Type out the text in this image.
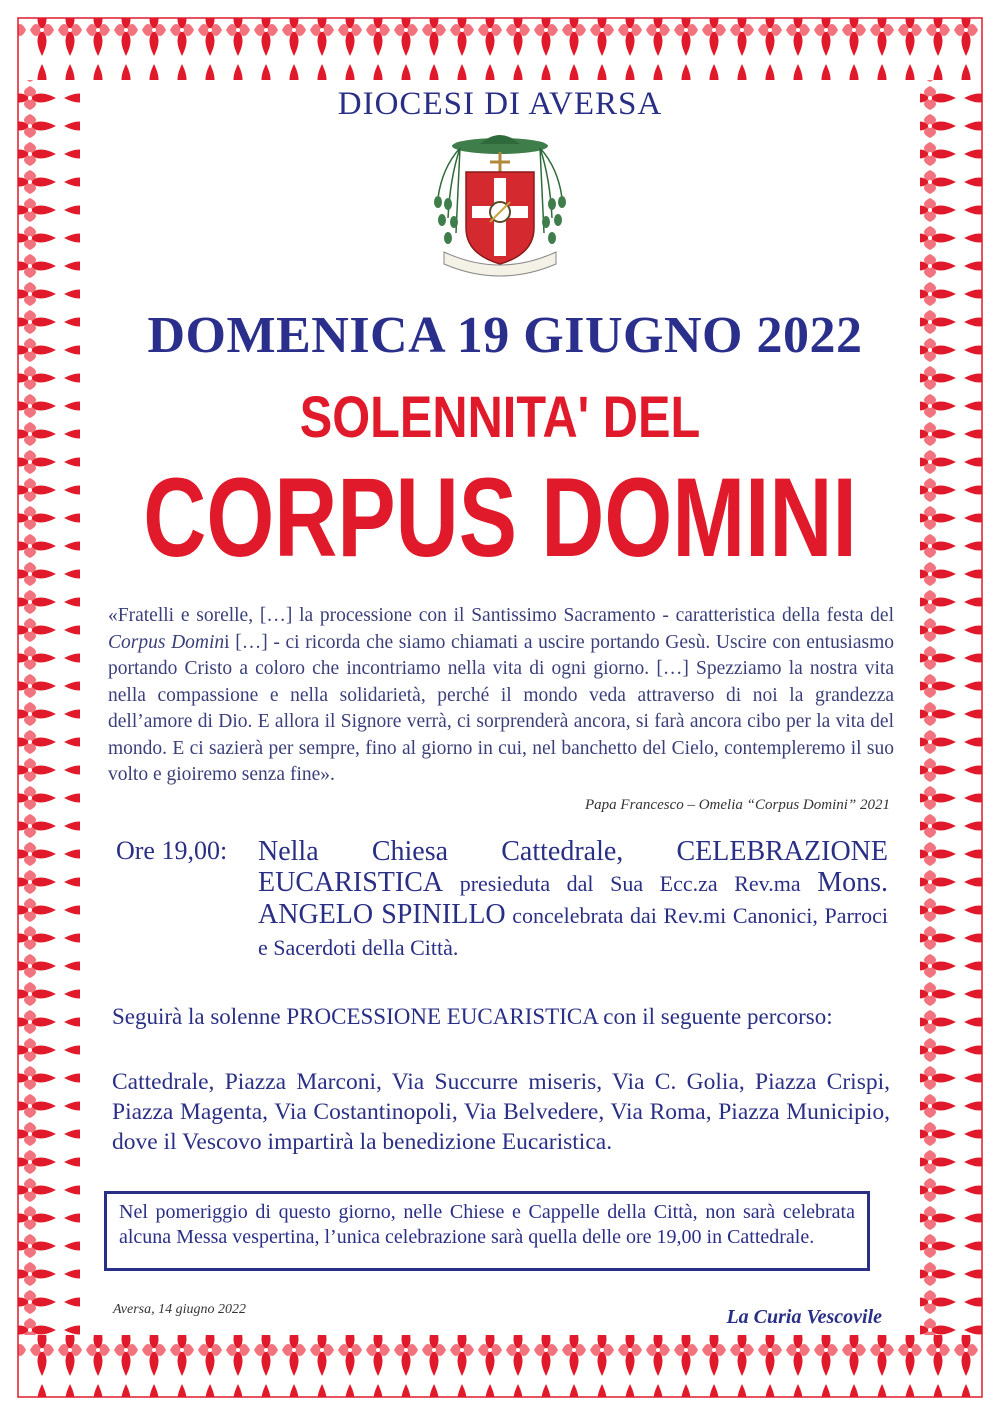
DIOCESI DI AVERSA
DOMENICA 19 GIUGNO 2022
SOLENNITA' DEL
CORPUS DOMINI
«Fratelli e sorelle, […] la processione con il Santissimo Sacramento - caratteristica della festa del Corpus Domini […] - ci ricorda che siamo chiamati a uscire portando Gesù. Uscire con entusiasmo portando Cristo a coloro che incontriamo nella vita di ogni giorno. […] Spezziamo la nostra vita nella compassione e nella solidarietà, perché il mondo veda attraverso di noi la grandezza dell’amore di Dio. E allora il Signore verrà, ci sorprenderà ancora, si farà ancora cibo per la vita del mondo. E ci sazierà per sempre, fino al giorno in cui, nel banchetto del Cielo, contempleremo il suo volto e gioiremo senza fine».
Papa Francesco – Omelia “Corpus Domini” 2021
Ore 19,00: Nella Chiesa Cattedrale, CELEBRAZIONE EUCARISTICA presieduta dal Sua Ecc.za Rev.ma Mons. ANGELO SPINILLO concelebrata dai Rev.mi Canonici, Parroci e Sacerdoti della Città.
Seguirà la solenne PROCESSIONE EUCARISTICA con il seguente percorso:
Cattedrale, Piazza Marconi, Via Succurre miseris, Via C. Golia, Piazza Crispi, Piazza Magenta, Via Costantinopoli, Via Belvedere, Via Roma, Piazza Municipio, dove il Vescovo impartirà la benedizione Eucaristica.
Nel pomeriggio di questo giorno, nelle Chiese e Cappelle della Città, non sarà celebrata alcuna Messa vespertina, l’unica celebrazione sarà quella delle ore 19,00 in Cattedrale.
Aversa, 14 giugno 2022	La Curia Vescovile
